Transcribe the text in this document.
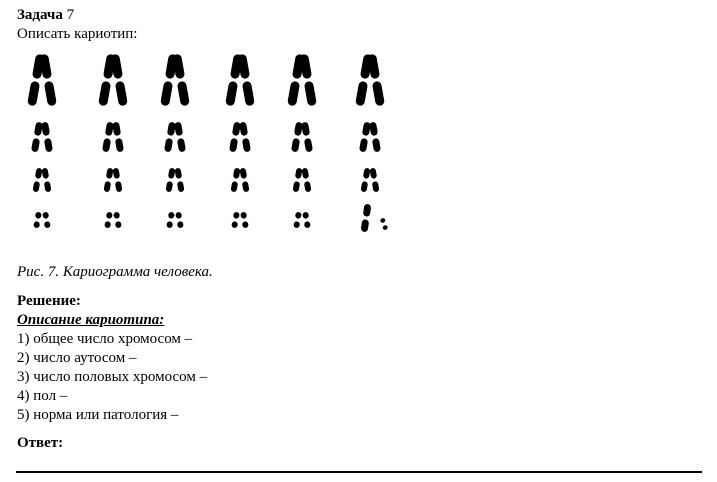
Задача 7
Описать кариотип:
Рис. 7. Кариограмма человека.
Решение:
Описание кариотипа:
1) общее число хромосом –
2) число аутосом –
3) число половых хромосом –
4) пол –
5) норма или патология –
Ответ:
